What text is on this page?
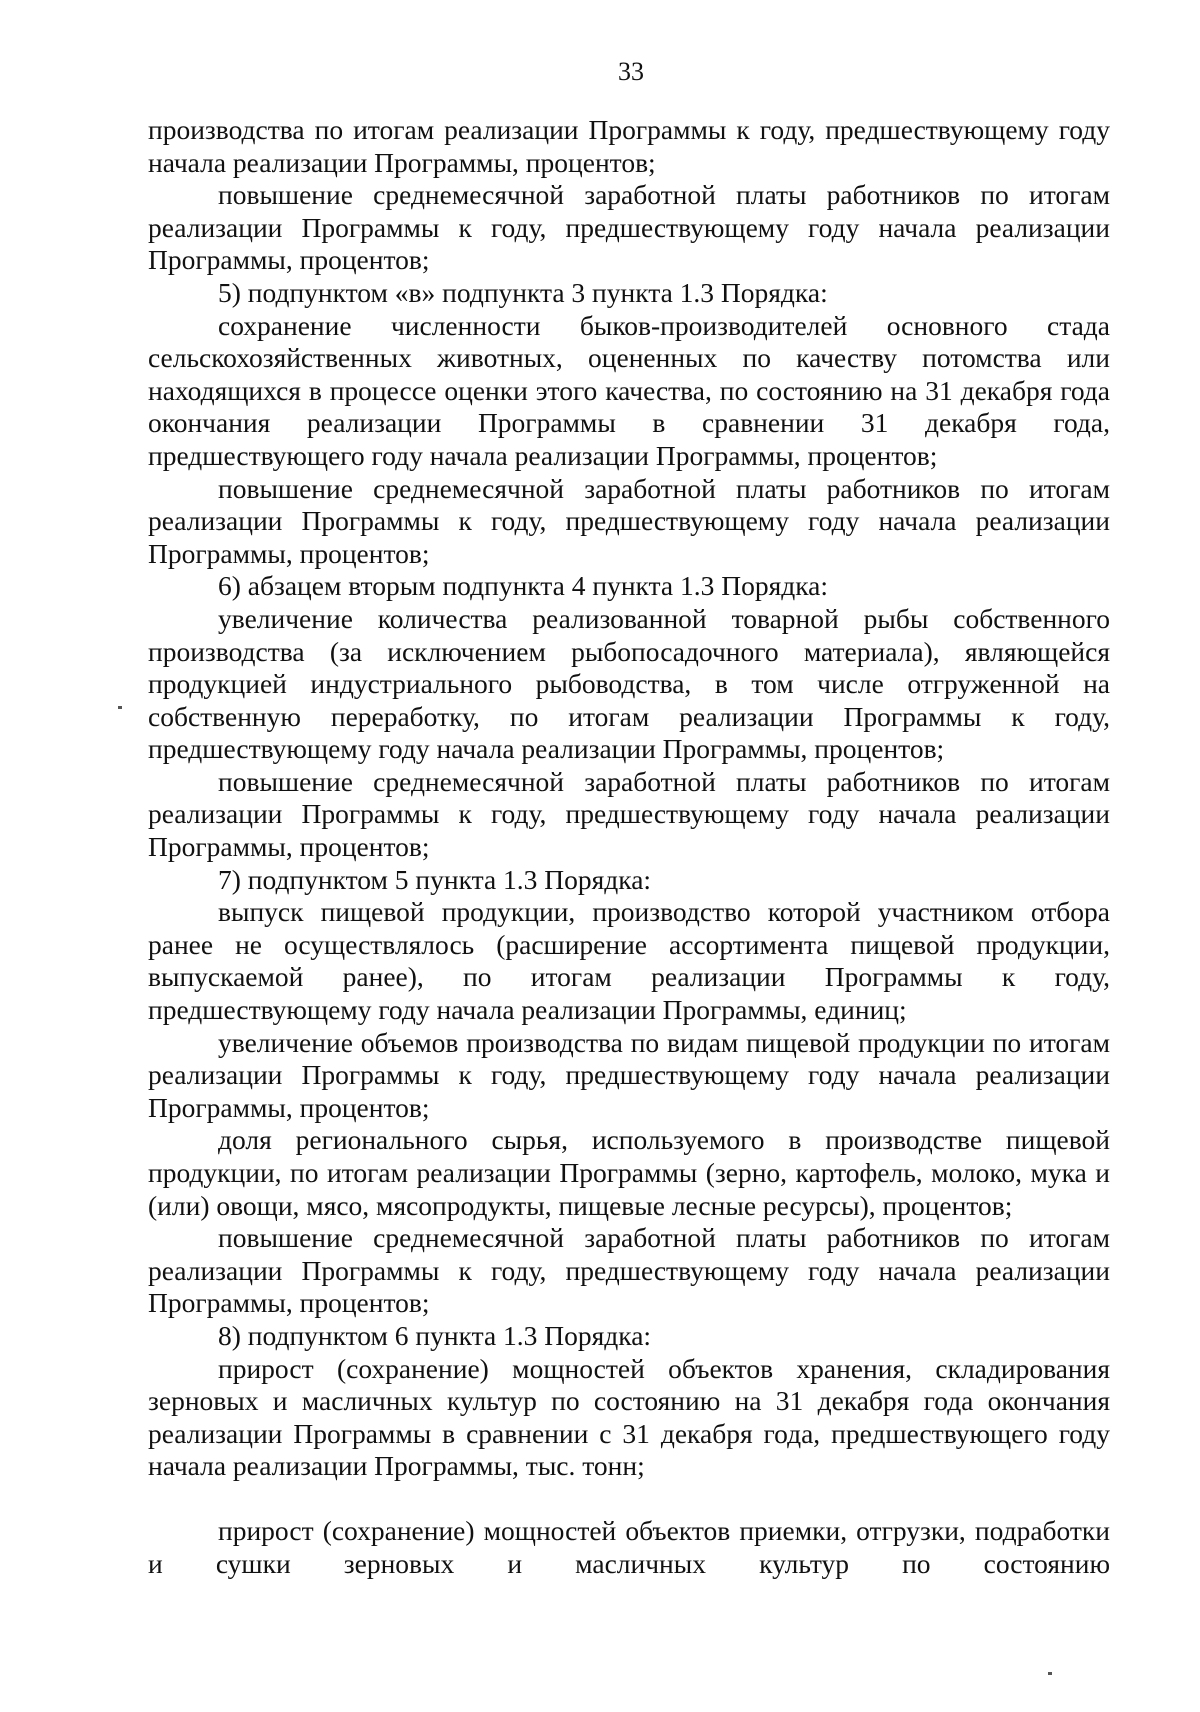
33
производства по итогам реализации Программы к году, предшествующему году начала реализации Программы, процентов;
повышение среднемесячной заработной платы работников по итогам реализации Программы к году, предшествующему году начала реализации Программы, процентов;
5) подпунктом «в» подпункта 3 пункта 1.3 Порядка:
сохранение численности быков-производителей основного стада сельскохозяйственных животных, оцененных по качеству потомства или находящихся в процессе оценки этого качества, по состоянию на 31 декабря года окончания реализации Программы в сравнении 31 декабря года, предшествующего году начала реализации Программы, процентов;
повышение среднемесячной заработной платы работников по итогам реализации Программы к году, предшествующему году начала реализации Программы, процентов;
6) абзацем вторым подпункта 4 пункта 1.3 Порядка:
увеличение количества реализованной товарной рыбы собственного производства (за исключением рыбопосадочного материала), являющейся продукцией индустриального рыбоводства, в том числе отгруженной на собственную переработку, по итогам реализации Программы к году, предшествующему году начала реализации Программы, процентов;
повышение среднемесячной заработной платы работников по итогам реализации Программы к году, предшествующему году начала реализации Программы, процентов;
7) подпунктом 5 пункта 1.3 Порядка:
выпуск пищевой продукции, производство которой участником отбора ранее не осуществлялось (расширение ассортимента пищевой продукции, выпускаемой ранее), по итогам реализации Программы к году, предшествующему году начала реализации Программы, единиц;
увеличение объемов производства по видам пищевой продукции по итогам реализации Программы к году, предшествующему году начала реализации Программы, процентов;
доля регионального сырья, используемого в производстве пищевой продукции, по итогам реализации Программы (зерно, картофель, молоко, мука и (или) овощи, мясо, мясопродукты, пищевые лесные ресурсы), процентов;
повышение среднемесячной заработной платы работников по итогам реализации Программы к году, предшествующему году начала реализации Программы, процентов;
8) подпунктом 6 пункта 1.3 Порядка:
прирост (сохранение) мощностей объектов хранения, складирования зерновых и масличных культур по состоянию на 31 декабря года окончания реализации Программы в сравнении с 31 декабря года, предшествующего году начала реализации Программы, тыс. тонн;
прирост (сохранение) мощностей объектов приемки, отгрузки, подработки и сушки зерновых и масличных культур по состоянию
